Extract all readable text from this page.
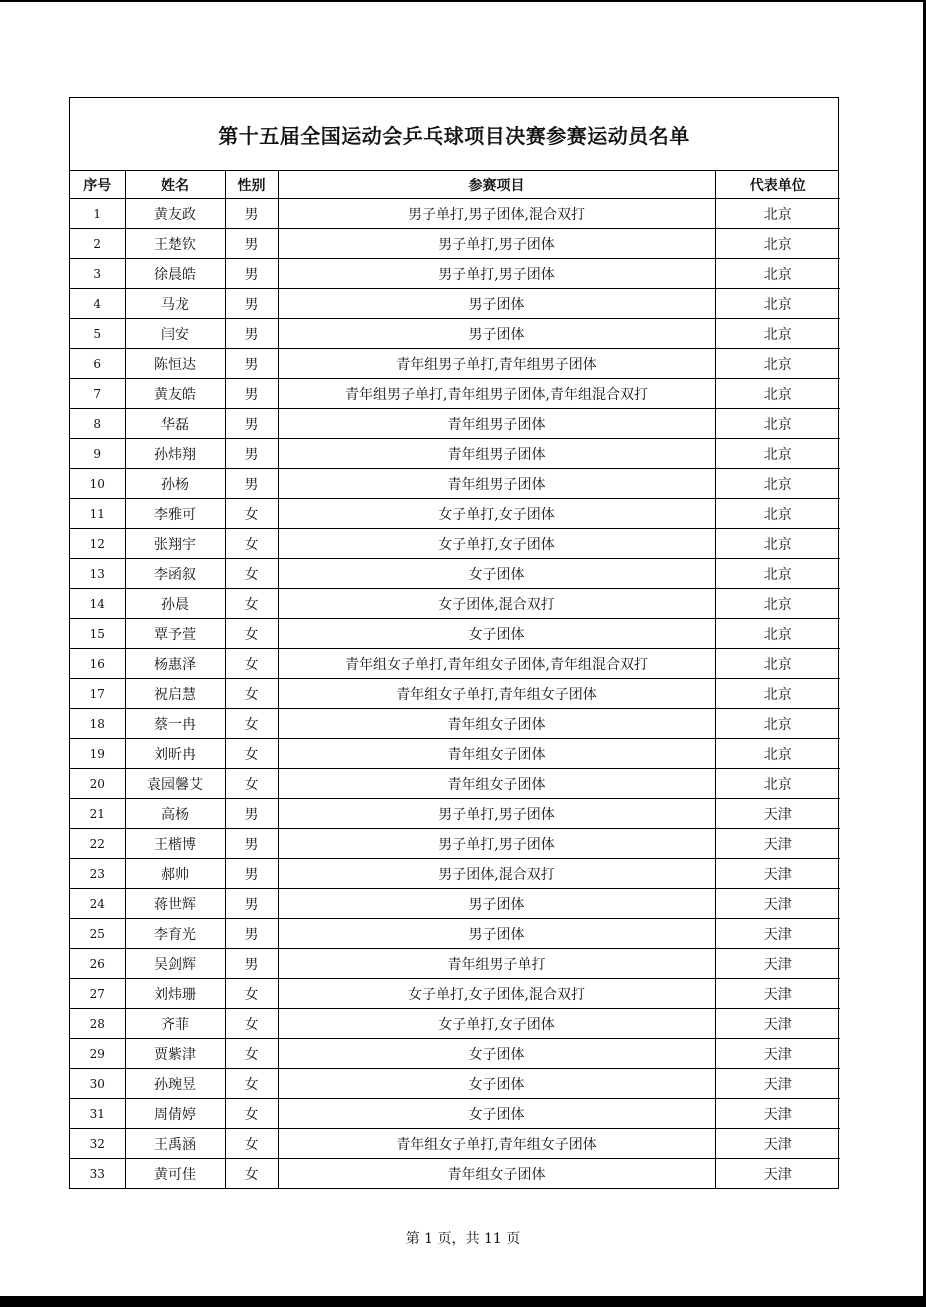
第十五届全国运动会乒乓球项目决赛参赛运动员名单
序号	姓名	性别	参赛项目	代表单位
1	黄友政	男	男子单打,男子团体,混合双打	北京
2	王楚钦	男	男子单打,男子团体	北京
3	徐晨皓	男	男子单打,男子团体	北京
4	马龙	男	男子团体	北京
5	闫安	男	男子团体	北京
6	陈恒达	男	青年组男子单打,青年组男子团体	北京
7	黄友皓	男	青年组男子单打,青年组男子团体,青年组混合双打	北京
8	华磊	男	青年组男子团体	北京
9	孙炜翔	男	青年组男子团体	北京
10	孙杨	男	青年组男子团体	北京
11	李雅可	女	女子单打,女子团体	北京
12	张翔宇	女	女子单打,女子团体	北京
13	李函叙	女	女子团体	北京
14	孙晨	女	女子团体,混合双打	北京
15	覃予萱	女	女子团体	北京
16	杨惠泽	女	青年组女子单打,青年组女子团体,青年组混合双打	北京
17	祝启慧	女	青年组女子单打,青年组女子团体	北京
18	蔡一冉	女	青年组女子团体	北京
19	刘昕冉	女	青年组女子团体	北京
20	袁园馨艾	女	青年组女子团体	北京
21	高杨	男	男子单打,男子团体	天津
22	王楷博	男	男子单打,男子团体	天津
23	郝帅	男	男子团体,混合双打	天津
24	蒋世辉	男	男子团体	天津
25	李育光	男	男子团体	天津
26	吴剑辉	男	青年组男子单打	天津
27	刘炜珊	女	女子单打,女子团体,混合双打	天津
28	齐菲	女	女子单打,女子团体	天津
29	贾紫津	女	女子团体	天津
30	孙琬昱	女	女子团体	天津
31	周倩婷	女	女子团体	天津
32	王禹涵	女	青年组女子单打,青年组女子团体	天津
33	黄可佳	女	青年组女子团体	天津
第 1 页，共 11 页
